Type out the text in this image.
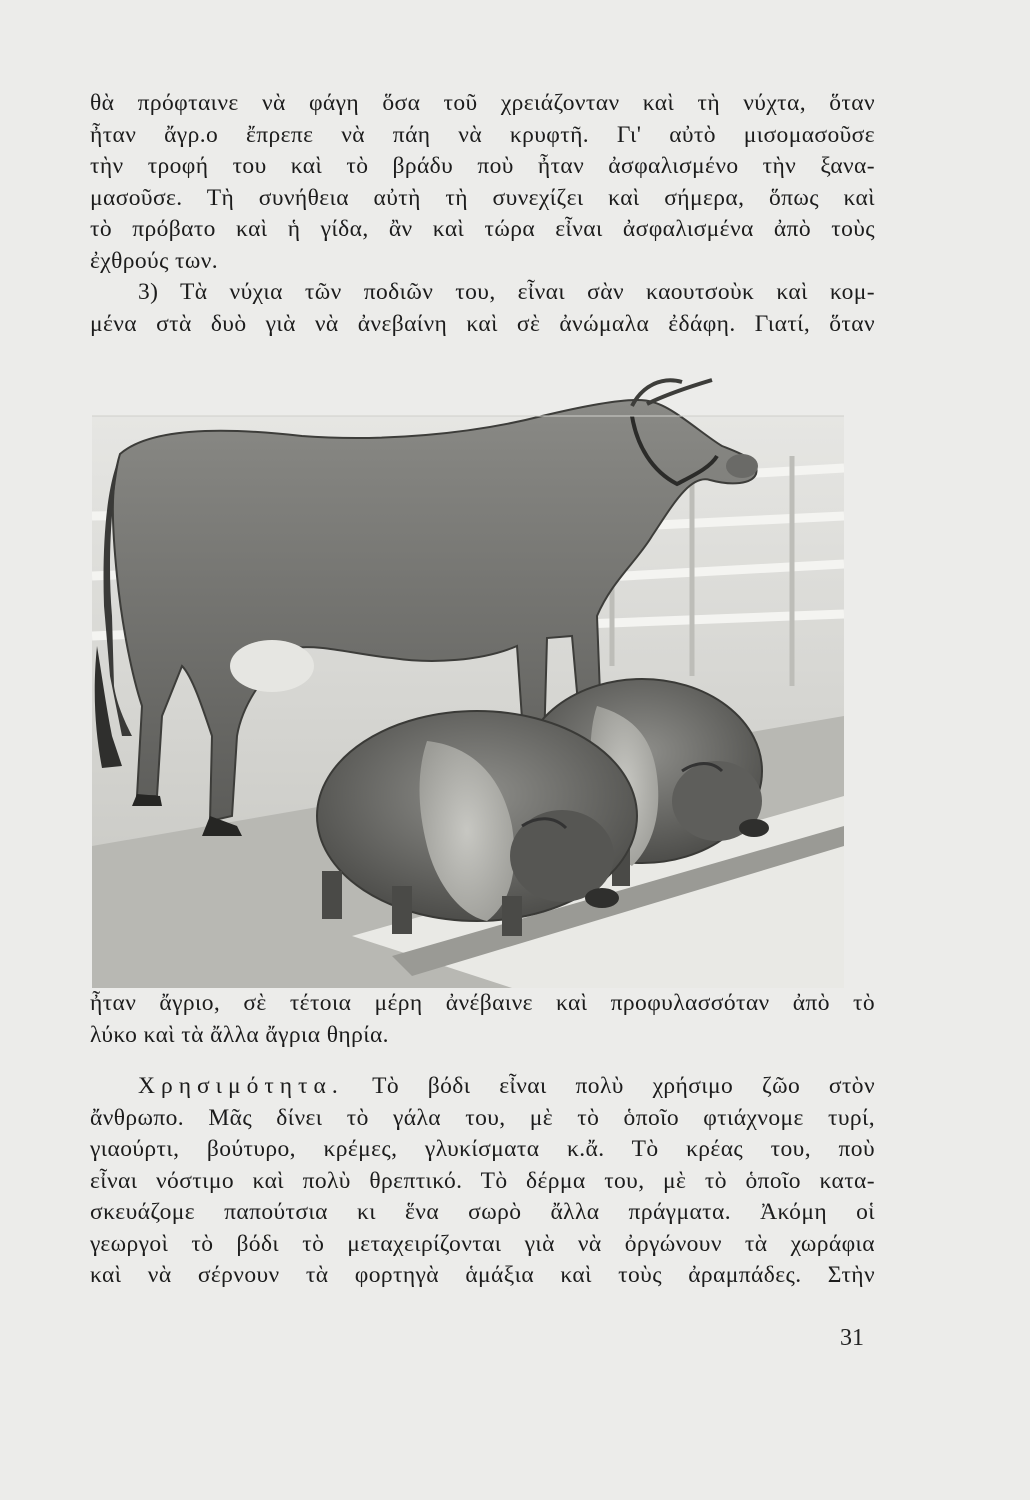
θὰ πρόφταινε νὰ φάγη ὅσα τοῦ χρειάζονταν καὶ τὴ νύχτα, ὅταν
ἦταν ἄγρ.ο ἔπρεπε νὰ πάη νὰ κρυφτῆ. Γι' αὐτὸ μισομασοῦσε
τὴν τροφή του καὶ τὸ βράδυ ποὺ ἦταν ἀσφαλισμένο τὴν ξανα-
μασοῦσε. Τὴ συνήθεια αὐτὴ τὴ συνεχίζει καὶ σήμερα, ὅπως καὶ
τὸ πρόβατο καὶ ἡ γίδα, ἂν καὶ τώρα εἶναι ἀσφαλισμένα ἀπὸ τοὺς
ἐχθρούς των.

3) Τὰ νύχια τῶν ποδιῶν του, εἶναι σὰν καουτσοὺκ καὶ κομ-
μένα στὰ δυὸ γιὰ νὰ ἀνεβαίνη καὶ σὲ ἀνώμαλα ἐδάφη. Γιατί, ὅταν

ἦταν ἄγριο, σὲ τέτοια μέρη ἀνέβαινε καὶ προφυλασσόταν ἀπὸ τὸ
λύκο καὶ τὰ ἄλλα ἄγρια θηρία.

Χρησιμότητα. Τὸ βόδι εἶναι πολὺ χρήσιμο ζῶο στὸν
ἄνθρωπο. Μᾶς δίνει τὸ γάλα του, μὲ τὸ ὁποῖο φτιάχνομε τυρί,
γιαούρτι, βούτυρο, κρέμες, γλυκίσματα κ.ἄ. Τὸ κρέας του, ποὺ
εἶναι νόστιμο καὶ πολὺ θρεπτικό. Τὸ δέρμα του, μὲ τὸ ὁποῖο κατα-
σκευάζομε παπούτσια κι ἕνα σωρὸ ἄλλα πράγματα. Ἀκόμη οἱ
γεωργοὶ τὸ βόδι τὸ μεταχειρίζονται γιὰ νὰ ὀργώνουν τὰ χωράφια
καὶ νὰ σέρνουν τὰ φορτηγὰ ἁμάξια καὶ τοὺς ἀραμπάδες. Στὴν

31
